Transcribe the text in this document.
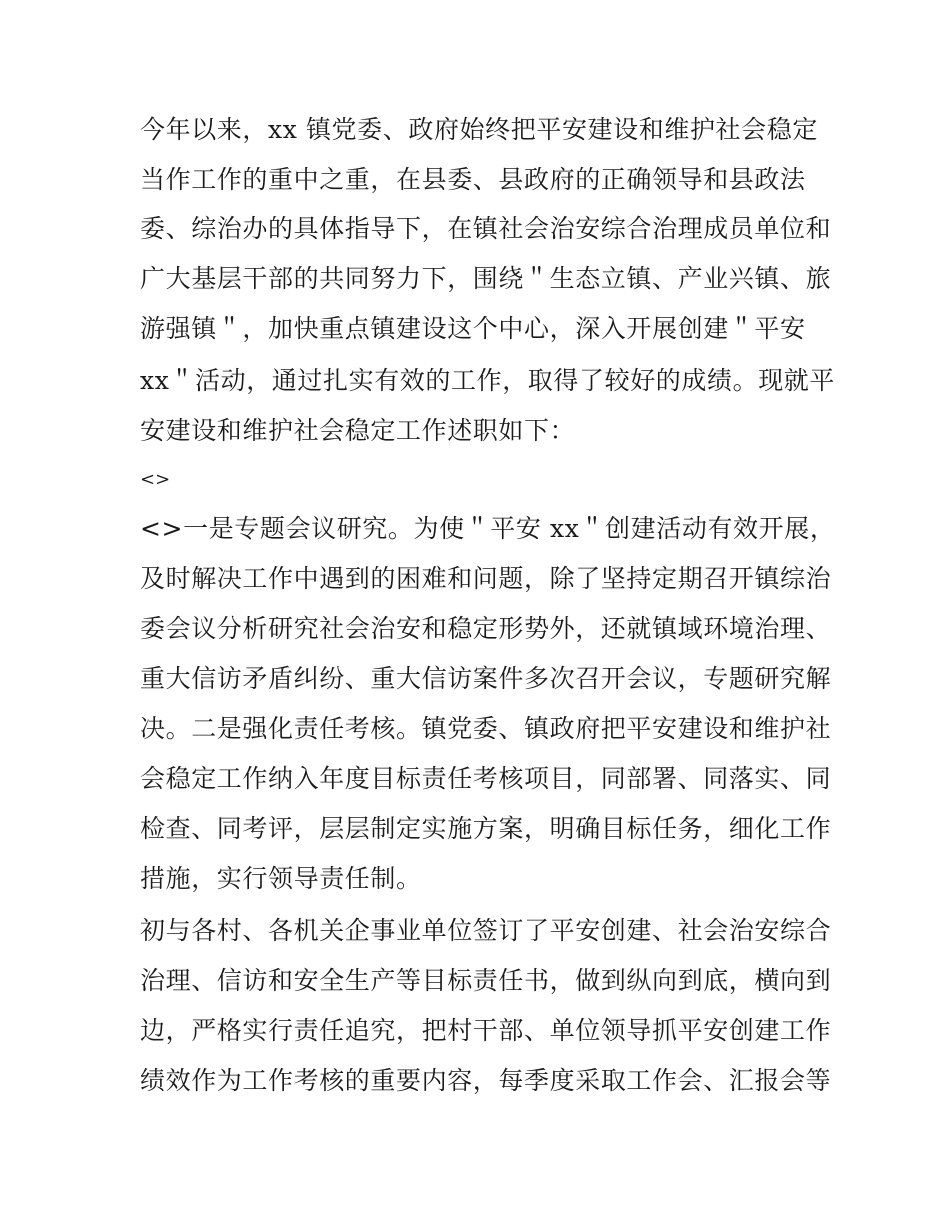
今年以来，xx 镇党委、政府始终把平安建设和维护社会稳定
当作工作的重中之重，在县委、县政府的正确领导和县政法
委、综治办的具体指导下，在镇社会治安综合治理成员单位和
广大基层干部的共同努力下，围绕＂生态立镇、产业兴镇、旅
游强镇＂，加快重点镇建设这个中心，深入开展创建＂平安
xx＂活动，通过扎实有效的工作，取得了较好的成绩。现就平
安建设和维护社会稳定工作述职如下：
<>
<>一是专题会议研究。为使＂平安 xx＂创建活动有效开展，
及时解决工作中遇到的困难和问题，除了坚持定期召开镇综治
委会议分析研究社会治安和稳定形势外，还就镇域环境治理、
重大信访矛盾纠纷、重大信访案件多次召开会议，专题研究解
决。二是强化责任考核。镇党委、镇政府把平安建设和维护社
会稳定工作纳入年度目标责任考核项目，同部署、同落实、同
检查、同考评，层层制定实施方案，明确目标任务，细化工作
措施，实行领导责任制。
初与各村、各机关企事业单位签订了平安创建、社会治安综合
治理、信访和安全生产等目标责任书，做到纵向到底，横向到
边，严格实行责任追究，把村干部、单位领导抓平安创建工作
绩效作为工作考核的重要内容，每季度采取工作会、汇报会等
